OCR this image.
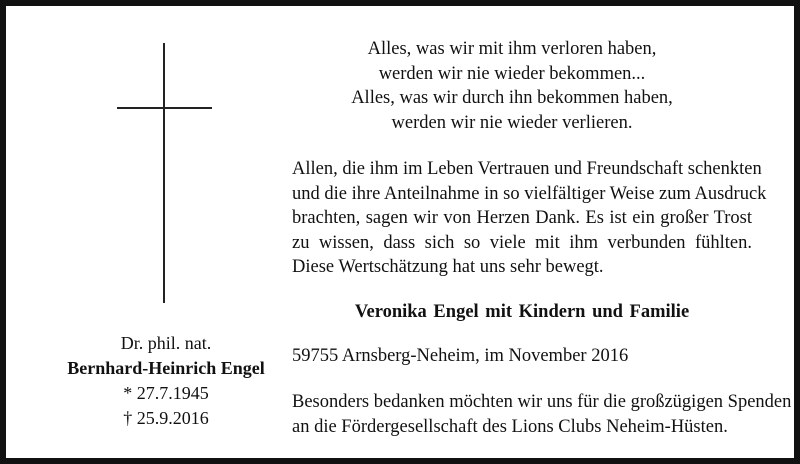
Dr. phil. nat.
Bernhard-Heinrich Engel
* 27.7.1945
† 25.9.2016
Alles, was wir mit ihm verloren haben,
werden wir nie wieder bekommen...
Alles, was wir durch ihn bekommen haben,
werden wir nie wieder verlieren.
Allen, die ihm im Leben Vertrauen und Freundschaft schenkten
und die ihre Anteilnahme in so vielfältiger Weise zum Ausdruck
brachten, sagen wir von Herzen Dank. Es ist ein großer Trost
zu wissen, dass sich so viele mit ihm verbunden fühlten.
Diese Wertschätzung hat uns sehr bewegt.
Veronika Engel mit Kindern und Familie
59755 Arnsberg-Neheim, im November 2016
Besonders bedanken möchten wir uns für die großzügigen Spenden
an die Fördergesellschaft des Lions Clubs Neheim-Hüsten.
